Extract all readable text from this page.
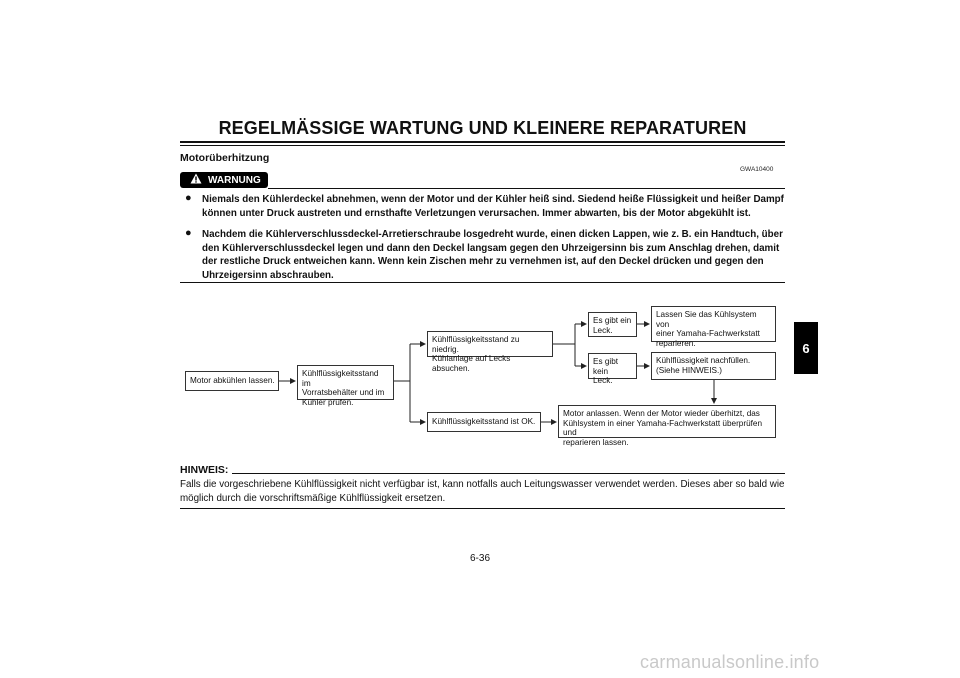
REGELMÄSSIGE WARTUNG UND KLEINERE REPARATUREN
Motorüberhitzung
GWA10400
WARNUNG
● Niemals den Kühlerdeckel abnehmen, wenn der Motor und der Kühler heiß sind. Siedend heiße Flüssigkeit und heißer Dampf können unter Druck austreten und ernsthafte Verletzungen verursachen. Immer abwarten, bis der Motor abgekühlt ist.
● Nachdem die Kühlerverschlussdeckel-Arretierschraube losgedreht wurde, einen dicken Lappen, wie z. B. ein Handtuch, über den Kühlerverschlussdeckel legen und dann den Deckel langsam gegen den Uhrzeigersinn bis zum Anschlag drehen, damit der restliche Druck entweichen kann. Wenn kein Zischen mehr zu vernehmen ist, auf den Deckel drücken und gegen den Uhrzeigersinn abschrauben.
Motor abkühlen lassen.
Kühlflüssigkeitsstand im
Vorratsbehälter und im
Kühler prüfen.
Kühlflüssigkeitsstand zu niedrig.
Kühlanlage auf Lecks absuchen.
Kühlflüssigkeitsstand ist OK.
Es gibt ein
Leck.
Es gibt kein
Leck.
Lassen Sie das Kühlsystem von
einer Yamaha-Fachwerkstatt
reparieren.
Kühlflüssigkeit nachfüllen.
(Siehe HINWEIS.)
Motor anlassen. Wenn der Motor wieder überhitzt, das
Kühlsystem in einer Yamaha-Fachwerkstatt überprüfen und
reparieren lassen.
HINWEIS:
Falls die vorgeschriebene Kühlflüssigkeit nicht verfügbar ist, kann notfalls auch Leitungswasser verwendet werden. Dieses aber so bald wie möglich durch die vorschriftsmäßige Kühlflüssigkeit ersetzen.
6-36
6
carmanualsonline.info
